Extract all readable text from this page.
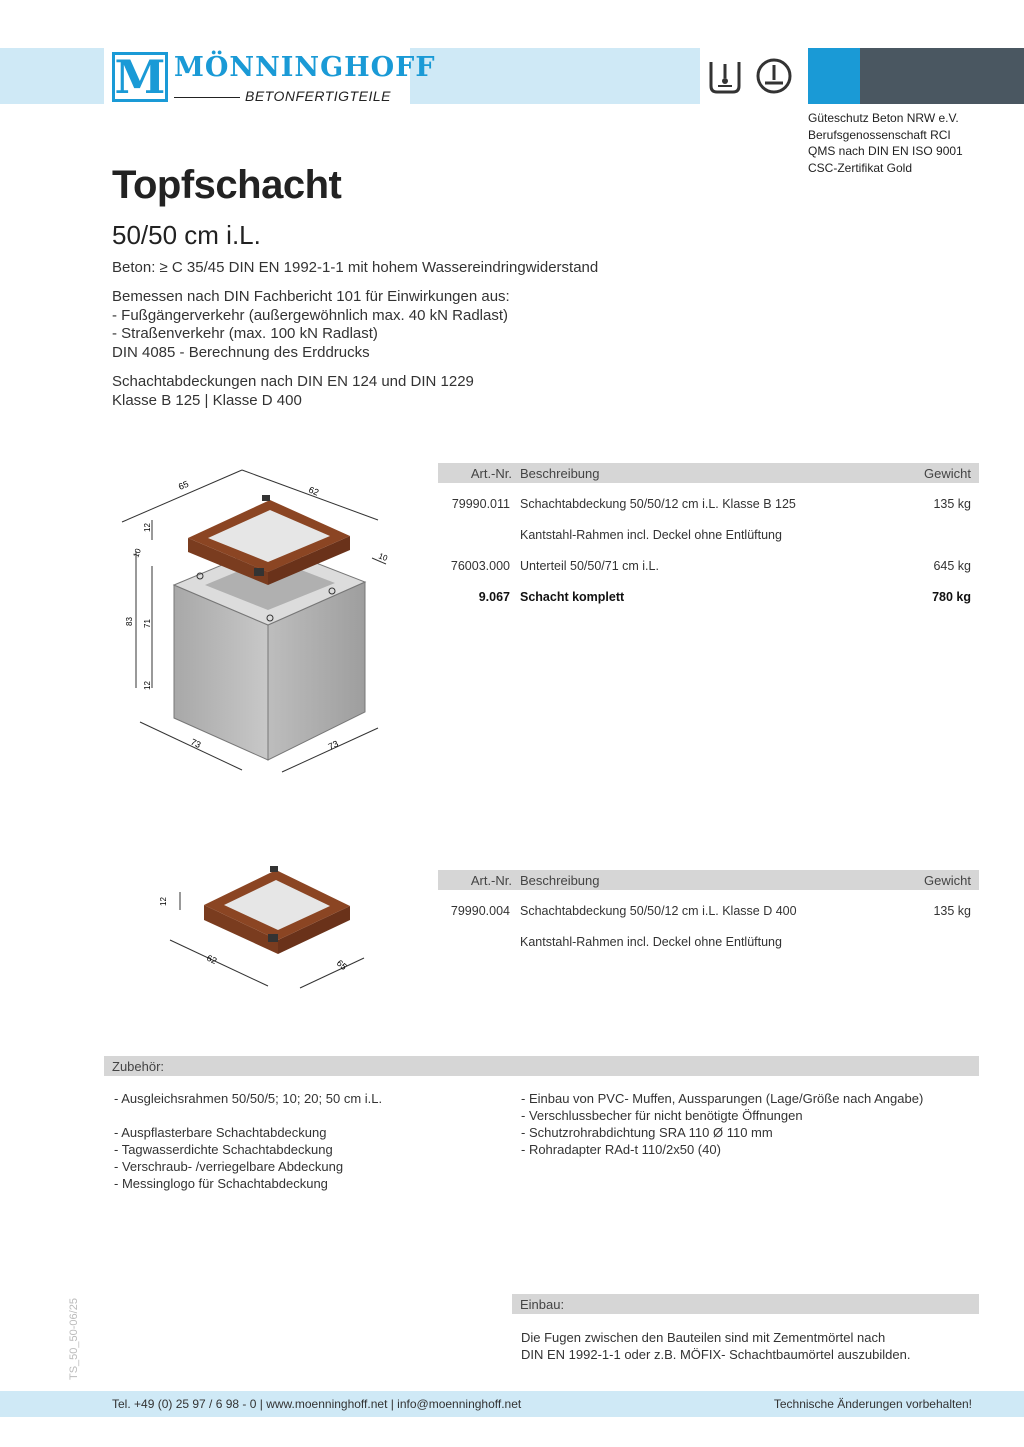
M MÖNNINGHOFF
BETONFERTIGTEILE
Güteschutz Beton NRW e.V.
Berufsgenossenschaft RCI
QMS nach DIN EN ISO 9001
CSC-Zertifikat Gold
Topfschacht
50/50 cm i.L.
Beton: ≥ C 35/45 DIN EN 1992-1-1 mit hohem Wassereindringwiderstand
Bemessen nach DIN Fachbericht 101 für Einwirkungen aus:
- Fußgängerverkehr (außergewöhnlich max. 40 kN Radlast)
- Straßenverkehr (max. 100 kN Radlast)
DIN 4085 - Berechnung des Erddrucks
Schachtabdeckungen nach DIN EN 124 und DIN 1229
Klasse B 125 | Klasse D 400
65	62
12
10	10
83 71
12
73	73
Art.-Nr. Beschreibung	Gewicht
79990.011 Schachtabdeckung 50/50/12 cm i.L. Klasse B 125	135 kg
Kantstahl-Rahmen incl. Deckel ohne Entlüftung
76003.000 Unterteil 50/50/71 cm i.L.	645 kg
9.067 Schacht komplett	780 kg
12
62	65
Art.-Nr. Beschreibung	Gewicht
79990.004 Schachtabdeckung 50/50/12 cm i.L. Klasse D 400	135 kg
Kantstahl-Rahmen incl. Deckel ohne Entlüftung
Zubehör:
- Ausgleichsrahmen 50/50/5; 10; 20; 50 cm i.L.
- Auspflasterbare Schachtabdeckung
- Tagwasserdichte Schachtabdeckung
- Verschraub- /verriegelbare Abdeckung
- Messinglogo für Schachtabdeckung
- Einbau von PVC- Muffen, Aussparungen (Lage/Größe nach Angabe)
- Verschlussbecher für nicht benötigte Öffnungen
- Schutzrohrabdichtung SRA 110 Ø 110 mm
- Rohradapter RAd-t 110/2x50 (40)
Einbau:
Die Fugen zwischen den Bauteilen sind mit Zementmörtel nach
DIN EN 1992-1-1 oder z.B. MÖFIX- Schachtbaumörtel auszubilden.
TS_50_50-06/25
Tel. +49 (0) 25 97 / 6 98 - 0 | www.moenninghoff.net | info@moenninghoff.net	Technische Änderungen vorbehalten!
